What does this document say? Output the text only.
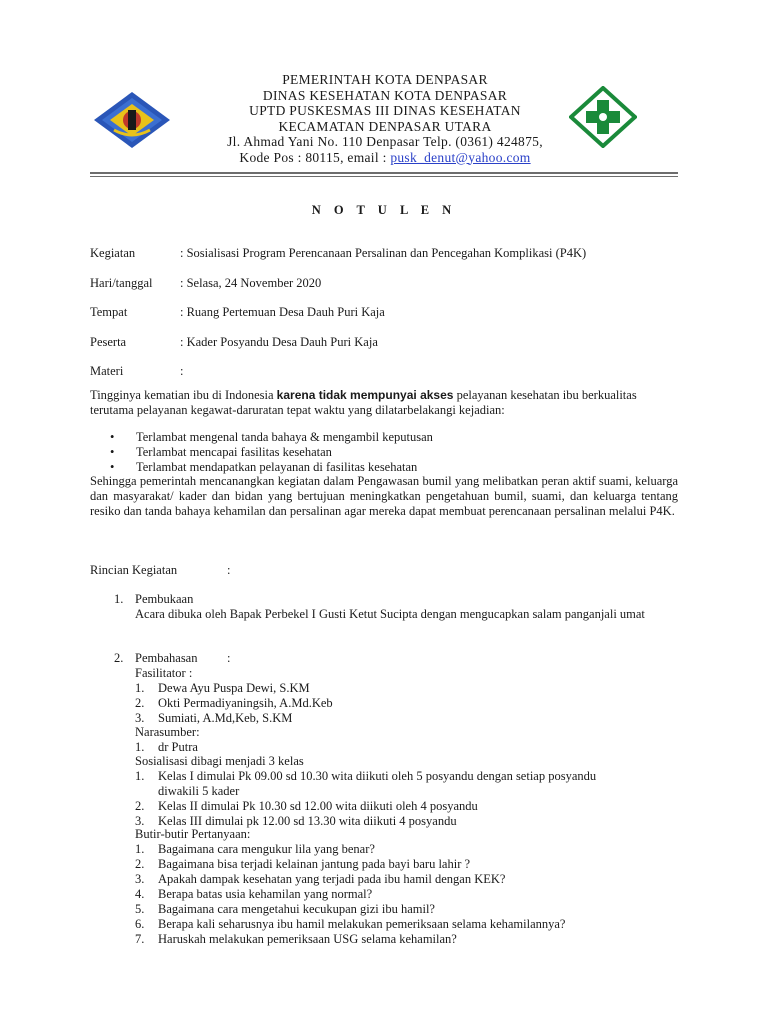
PEMERINTAH KOTA DENPASAR
DINAS KESEHATAN KOTA DENPASAR
UPTD PUSKESMAS III DINAS KESEHATAN
KECAMATAN DENPASAR UTARA
Jl. Ahmad Yani No. 110 Denpasar Telp. (0361) 424875,
Kode Pos : 80115, email : pusk_denut@yahoo.com
N O T U L E N
Kegiatan	: Sosialisasi Program Perencanaan Persalinan dan Pencegahan Komplikasi (P4K)
Hari/tanggal : Selasa, 24 November 2020
Tempat	: Ruang Pertemuan Desa Dauh Puri Kaja
Peserta	: Kader Posyandu Desa Dauh Puri Kaja
Materi	:
Tingginya kematian ibu di Indonesia karena tidak mempunyai akses pelayanan kesehatan ibu berkualitas terutama pelayanan kegawat-daruratan tepat waktu yang dilatarbelakangi kejadian:
• Terlambat mengenal tanda bahaya & mengambil keputusan
• Terlambat mencapai fasilitas kesehatan
• Terlambat mendapatkan pelayanan di fasilitas kesehatan
Sehingga pemerintah mencanangkan kegiatan dalam Pengawasan bumil yang melibatkan peran aktif suami, keluarga dan masyarakat/ kader dan bidan yang bertujuan meningkatkan pengetahuan bumil, suami, dan keluarga tentang resiko dan tanda bahaya kehamilan dan persalinan agar mereka dapat membuat perencanaan persalinan melalui P4K.
Rincian Kegiatan	:
1. Pembukaan
Acara dibuka oleh Bapak Perbekel I Gusti Ketut Sucipta dengan mengucapkan salam panganjali umat
2. Pembahasan :
Fasilitator :
1. Dewa Ayu Puspa Dewi, S.KM
2. Okti Permadiyaningsih, A.Md.Keb
3. Sumiati, A.Md,Keb, S.KM
Narasumber:
1. dr Putra
Sosialisasi dibagi menjadi 3 kelas
1. Kelas I dimulai Pk 09.00 sd 10.30 wita diikuti oleh 5 posyandu dengan setiap posyandu
diwakili 5 kader
2. Kelas II dimulai Pk 10.30 sd 12.00 wita diikuti oleh 4 posyandu
3. Kelas III dimulai pk 12.00 sd 13.30 wita diikuti 4 posyandu
Butir-butir Pertanyaan:
1. Bagaimana cara mengukur lila yang benar?
2. Bagaimana bisa terjadi kelainan jantung pada bayi baru lahir ?
3. Apakah dampak kesehatan yang terjadi pada ibu hamil dengan KEK?
4. Berapa batas usia kehamilan yang normal?
5. Bagaimana cara mengetahui kecukupan gizi ibu hamil?
6. Berapa kali seharusnya ibu hamil melakukan pemeriksaan selama kehamilannya?
7. Haruskah melakukan pemeriksaan USG selama kehamilan?
